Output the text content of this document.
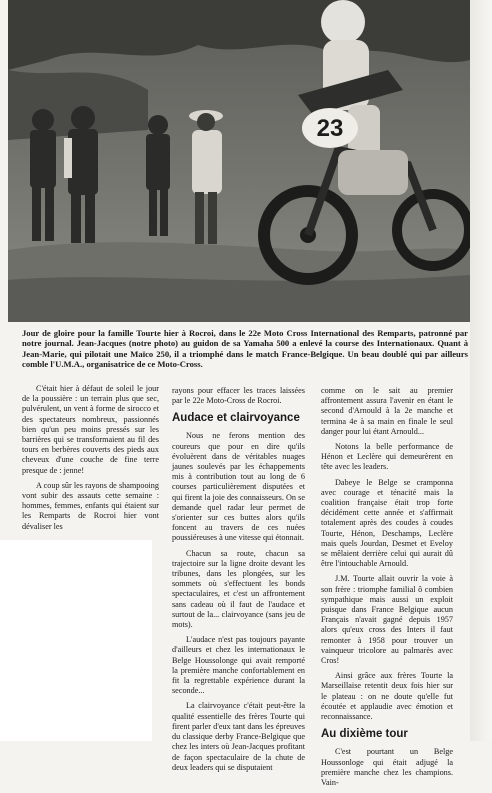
23
Jour de gloire pour la famille Tourte hier à Rocroi, dans le 22e Moto Cross International des Remparts, patronné par notre journal. Jean-Jacques (notre photo) au guidon de sa Yamaha 500 a enlevé la course des Internationaux. Quant à Jean-Marie, qui pilotait une Maïco 250, il a triomphé dans le match France-Belgique. Un beau doublé qui par ailleurs comble l'U.M.A., organisatrice de ce Moto-Cross.

C'était hier à défaut de soleil le jour de la poussière : un terrain plus que sec, pulvérulent, un vent à forme de sirocco et des spectateurs nombreux, passionnés bien qu'un peu moins pressés sur les barrières qui se transformaient au fil des tours en berbères couverts des pieds aux cheveux d'une couche de fine terre presque de : jenne!

A coup sûr les rayons de shampooing vont subir des assauts cette semaine : hommes, femmes, enfants qui étaient sur les Remparts de Rocroi hier vont dévaliser les

rayons pour effacer les traces laissées par le 22e Moto-Cross de Rocroi.

Audace et clairvoyance

Nous ne ferons mention des coureurs que pour en dire qu'ils évoluèrent dans de véritables nuages jaunes soulevés par les échappements mis à contribution tout au long de 6 courses particulièrement disputées et qui firent la joie des connaisseurs. On se demande quel radar leur permet de s'orienter sur ces buttes alors qu'ils foncent au travers de ces nuées poussiéreuses à une vitesse qui étonnait.

Chacun sa route, chacun sa trajectoire sur la ligne droite devant les tribunes, dans les plongées, sur les sommets où s'effectuent les bonds spectaculaires, et c'est un affrontement sans cadeau où il faut de l'audace et surtout de la... clairvoyance (sans jeu de mots).

L'audace n'est pas toujours payante d'ailleurs et chez les internationaux le Belge Houssolonge qui avait remporté la première manche confortablement en fit la regrettable expérience durant la seconde...

La clairvoyance c'était peut-être la qualité essentielle des frères Tourte qui firent parler d'eux tant dans les épreuves du classique derby France-Belgique que chez les inters où Jean-Jacques profitant de façon spectaculaire de la chute de deux leaders qui se disputaient

comme on le sait au premier affrontement assura l'avenir en étant le second d'Arnould à la 2e manche et termina 4e à sa main en finale le seul danger pour lui étant Arnould...

Notons la belle performance de Hénon et Leclère qui demeurèrent en tête avec les leaders.

Dabeye le Belge se cramponna avec courage et ténacité mais la coalition française était trop forte décidément cette année et s'affirmait totalement après des coudes à coudes Tourte, Hénon, Deschamps, Leclère mais quels Jourdan, Desmet et Eveloy se mêlaient derrière celui qui aurait dû être l'intouchable Arnould.

J.M. Tourte allait ouvrir la voie à son frère : triomphe familial ô combien sympathique mais aussi un exploit puisque dans France Belgique aucun Français n'avait gagné depuis 1957 alors qu'eux cross des Inters il faut remonter à 1958 pour trouver un vainqueur tricolore au palmarès avec Cros!

Ainsi grâce aux frères Tourte la Marseillaise retentit deux fois hier sur le plateau : on ne doute qu'elle fut écoutée et applaudie avec émotion et reconnaissance.

Au dixième tour

C'est pourtant un Belge Houssonloge qui était adjugé la première manche chez les champions. Vain-
